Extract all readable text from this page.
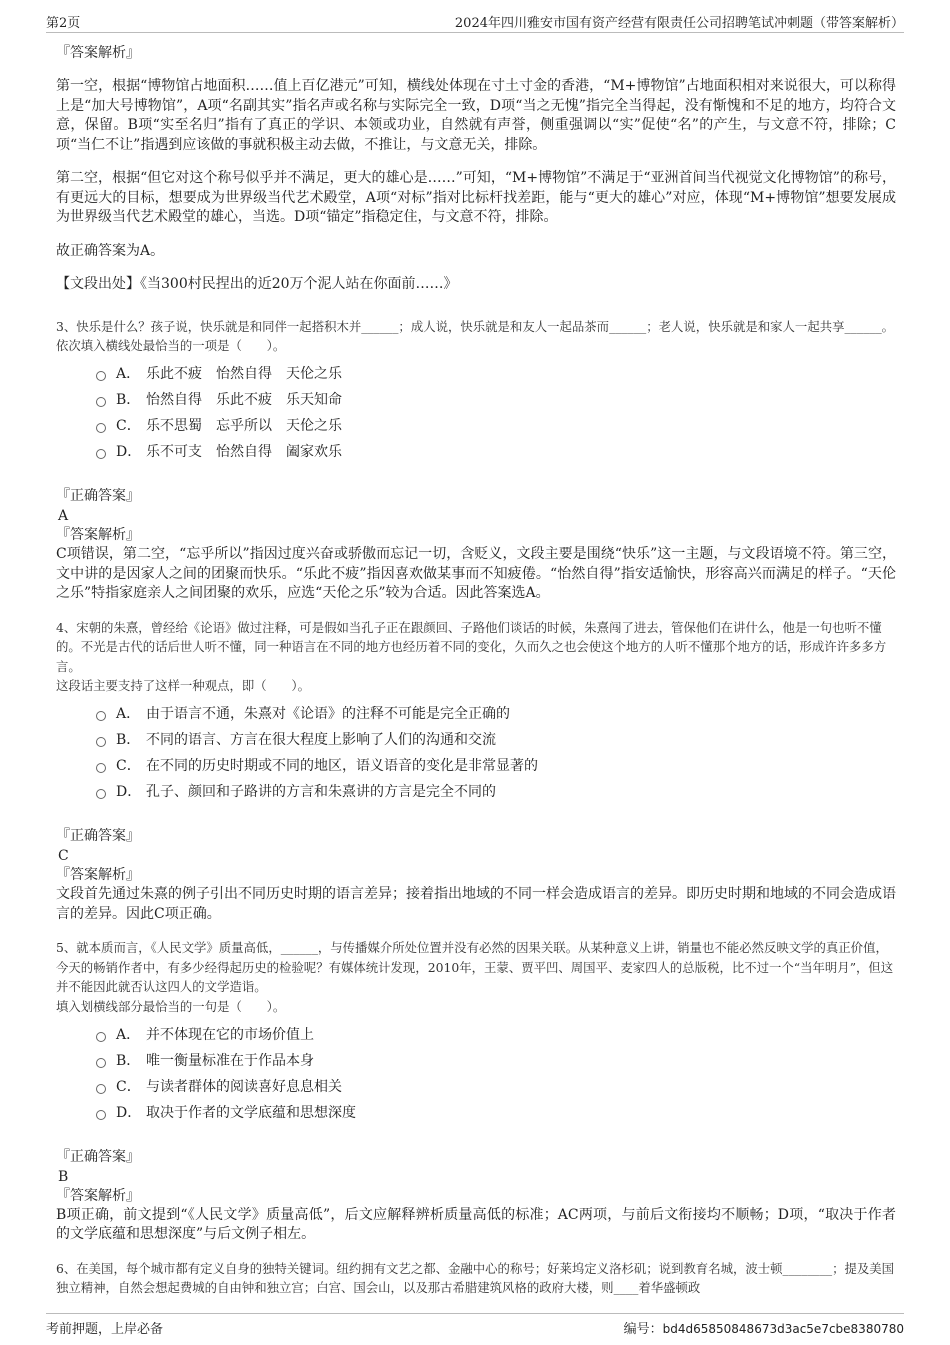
第2页	2024年四川雅安市国有资产经营有限责任公司招聘笔试冲刺题（带答案解析）
『答案解析』
第一空，根据“博物馆占地面积……值上百亿港元”可知，横线处体现在寸土寸金的香港，“M+博物馆”占地面积相对来说很大，可以称得上是“加大号博物馆”，A项“名副其实”指名声或名称与实际完全一致，D项“当之无愧”指完全当得起，没有惭愧和不足的地方，均符合文意，保留。B项“实至名归”指有了真正的学识、本领或功业，自然就有声誉，侧重强调以“实”促使“名”的产生，与文意不符，排除；C项“当仁不让”指遇到应该做的事就积极主动去做，不推让，与文意无关，排除。
第二空，根据“但它对这个称号似乎并不满足，更大的雄心是……”可知，“M+博物馆”不满足于“亚洲首间当代视觉文化博物馆”的称号，有更远大的目标，想要成为世界级当代艺术殿堂，A项“对标”指对比标杆找差距，能与“更大的雄心”对应，体现“M+博物馆”想要发展成为世界级当代艺术殿堂的雄心，当选。D项“锚定”指稳定住，与文意不符，排除。
故正确答案为A。
【文段出处】《当300村民捏出的近20万个泥人站在你面前……》
3、快乐是什么？孩子说，快乐就是和同伴一起搭积木并______；成人说，快乐就是和友人一起品茶而______；老人说，快乐就是和家人一起共享______。
依次填入横线处最恰当的一项是（　　）。
A． 乐此不疲　怡然自得　天伦之乐
B． 怡然自得　乐此不疲　乐天知命
C． 乐不思蜀　忘乎所以　天伦之乐
D． 乐不可支　怡然自得　阖家欢乐
『正确答案』
A
『答案解析』
C项错误，第二空，“忘乎所以”指因过度兴奋或骄傲而忘记一切，含贬义，文段主要是围绕“快乐”这一主题，与文段语境不符。第三空，文中讲的是因家人之间的团聚而快乐。“乐此不疲”指因喜欢做某事而不知疲倦。“怡然自得”指安适愉快，形容高兴而满足的样子。“天伦之乐”特指家庭亲人之间团聚的欢乐，应选“天伦之乐”较为合适。因此答案选A。
4、宋朝的朱熹，曾经给《论语》做过注释，可是假如当孔子正在跟颜回、子路他们谈话的时候，朱熹闯了进去，管保他们在讲什么，他是一句也听不懂的。不光是古代的话后世人听不懂，同一种语言在不同的地方也经历着不同的变化，久而久之也会使这个地方的人听不懂那个地方的话，形成许许多多方言。
这段话主要支持了这样一种观点，即（　　）。
A． 由于语言不通，朱熹对《论语》的注释不可能是完全正确的
B． 不同的语言、方言在很大程度上影响了人们的沟通和交流
C． 在不同的历史时期或不同的地区，语义语音的变化是非常显著的
D． 孔子、颜回和子路讲的方言和朱熹讲的方言是完全不同的
『正确答案』
C
『答案解析』
文段首先通过朱熹的例子引出不同历史时期的语言差异；接着指出地域的不同一样会造成语言的差异。即历史时期和地域的不同会造成语言的差异。因此C项正确。
5、就本质而言，《人民文学》质量高低，______，与传播媒介所处位置并没有必然的因果关联。从某种意义上讲，销量也不能必然反映文学的真正价值，今天的畅销作者中，有多少经得起历史的检验呢？有媒体统计发现，2010年，王蒙、贾平凹、周国平、麦家四人的总版税，比不过一个“当年明月”，但这并不能因此就否认这四人的文学造诣。
填入划横线部分最恰当的一句是（　　）。
A． 并不体现在它的市场价值上
B． 唯一衡量标准在于作品本身
C． 与读者群体的阅读喜好息息相关
D． 取决于作者的文学底蕴和思想深度
『正确答案』
B
『答案解析』
B项正确，前文提到“《人民文学》质量高低”，后文应解释辨析质量高低的标准；AC两项，与前后文衔接均不顺畅；D项，“取决于作者的文学底蕴和思想深度”与后文例子相左。
6、在美国，每个城市都有定义自身的独特关键词。纽约拥有文艺之都、金融中心的称号；好莱坞定义洛杉矶；说到教育名城，波士顿________；提及美国独立精神，自然会想起费城的自由钟和独立宫；白宫、国会山，以及那古希腊建筑风格的政府大楼，则____着华盛顿政
考前押题，上岸必备	编号：bd4d65850848673d3ac5e7cbe8380780
